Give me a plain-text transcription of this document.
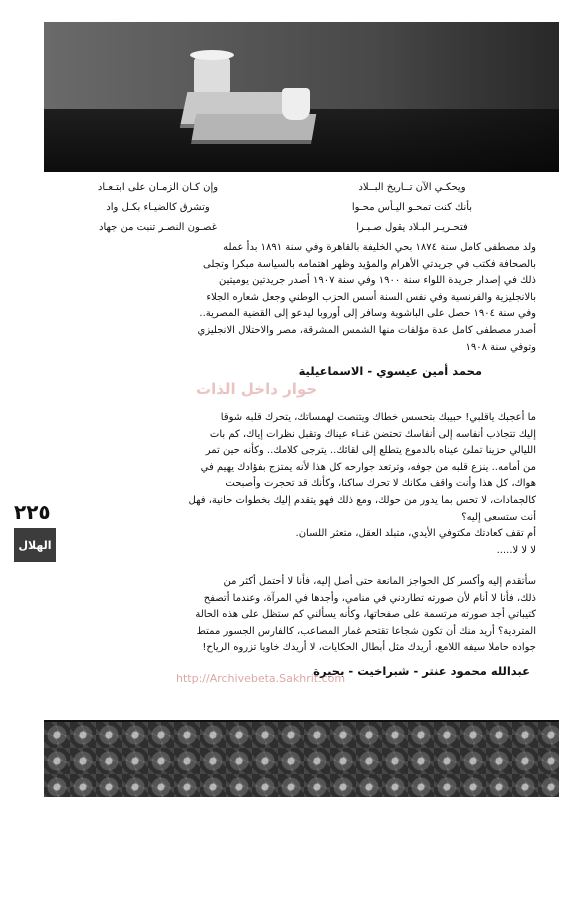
ويحكـي الآن تــاريخ البــلاد
وإن كـان الزمـان على ابتـعـاد
بأنك كنت تمحـو اليـأس محـوا
وتشرق كالضيـاء بكـل واد
فتحـريـر البـلاد يقول صـبـرا
غصـون النصـر تنبت من جهاد

ولد مصطفى كامل سنة ١٨٧٤ بحي الخليفة بالقاهرة وفي سنة ١٨٩١ بدأ عمله

بالصحافة فكتب في جريدتي الأهرام والمؤيد وظهر اهتمامه بالسياسة مبكرا وتجلى

ذلك في إصدار جريدة اللواء سنة ١٩٠٠ وفي سنة ١٩٠٧ أصدر جريدتين يوميتين

بالانجليزية والفرنسية وفي نفس السنة أسس الحزب الوطني وجعل شعاره الجلاء

وفي سنة ١٩٠٤ حصل على الباشوية وسافر إلى أوروبا ليدعو إلى القضية المصرية..

أصدر مصطفى كامل عدة مؤلفات منها الشمس المشرقة، مصر والاحتلال الانجليزي

وتوفي سنة ١٩٠٨

محمد أمين عيسوي - الاسماعيلية
حوار داخل الذات

ما أعجبك ياقلبي! حبيبك بتحسس خطاك ويتنصت لهمساتك، يتحرك قلبه شوقا

إليك تتجاذب أنفاسه إلى أنفاسك تحتضن غنـاء عيناك وتقبل نظرات إياك، كم بات

الليالي حزينا تملئ عيناه بالدموع يتطلع إلى لقائك.. يترجى كلامك.. وكأنه حين تمر

من أمامه.. ينزع قلبه من جوفه، وترتعد جوارحه كل هذا لأنه يمتزج بفؤادك يهيم في

هواك، كل هذا وأنت واقف مكانك لا تحرك ساكنا، وكأنك قد تحجرت وأصبحت

كالجمادات، لا تحس بما يدور من حولك، ومع ذلك فهو يتقدم إليك بخطوات حانية، فهل

أنت ستسعى إليه؟

أم تقف كعادتك مكتوفي الأيدي، متبلد العقل، متعثر اللسان.

لا لا لا.....

سأتقدم إليه وأكسر كل الحواجز المانعة حتى أصل إليه، فأنا لا أحتمل أكثر من

ذلك، فأنا لا أنام لأن صورته تطاردني في منامي، وأجدها في المرآة، وعندما أتصفح

كتيباتي أجد صورته مرتسمة على صفحاتها، وكأنه يسألني كم ستظل على هذه الحالة

المتردية؟ أريد منك أن تكون شجاعا تقتحم غمار المصاعب، كالفارس الجسور ممتط

جواده حاملا سيفه اللامع، أريدك مثل أبطال الحكايات، لا أريدك خاويا تزروه الرياح!

عبدالله محمود عنتر - شبراخيت - بحيرة
http://Archivebeta.Sakhrit.com
٢٢٥
الهلال
